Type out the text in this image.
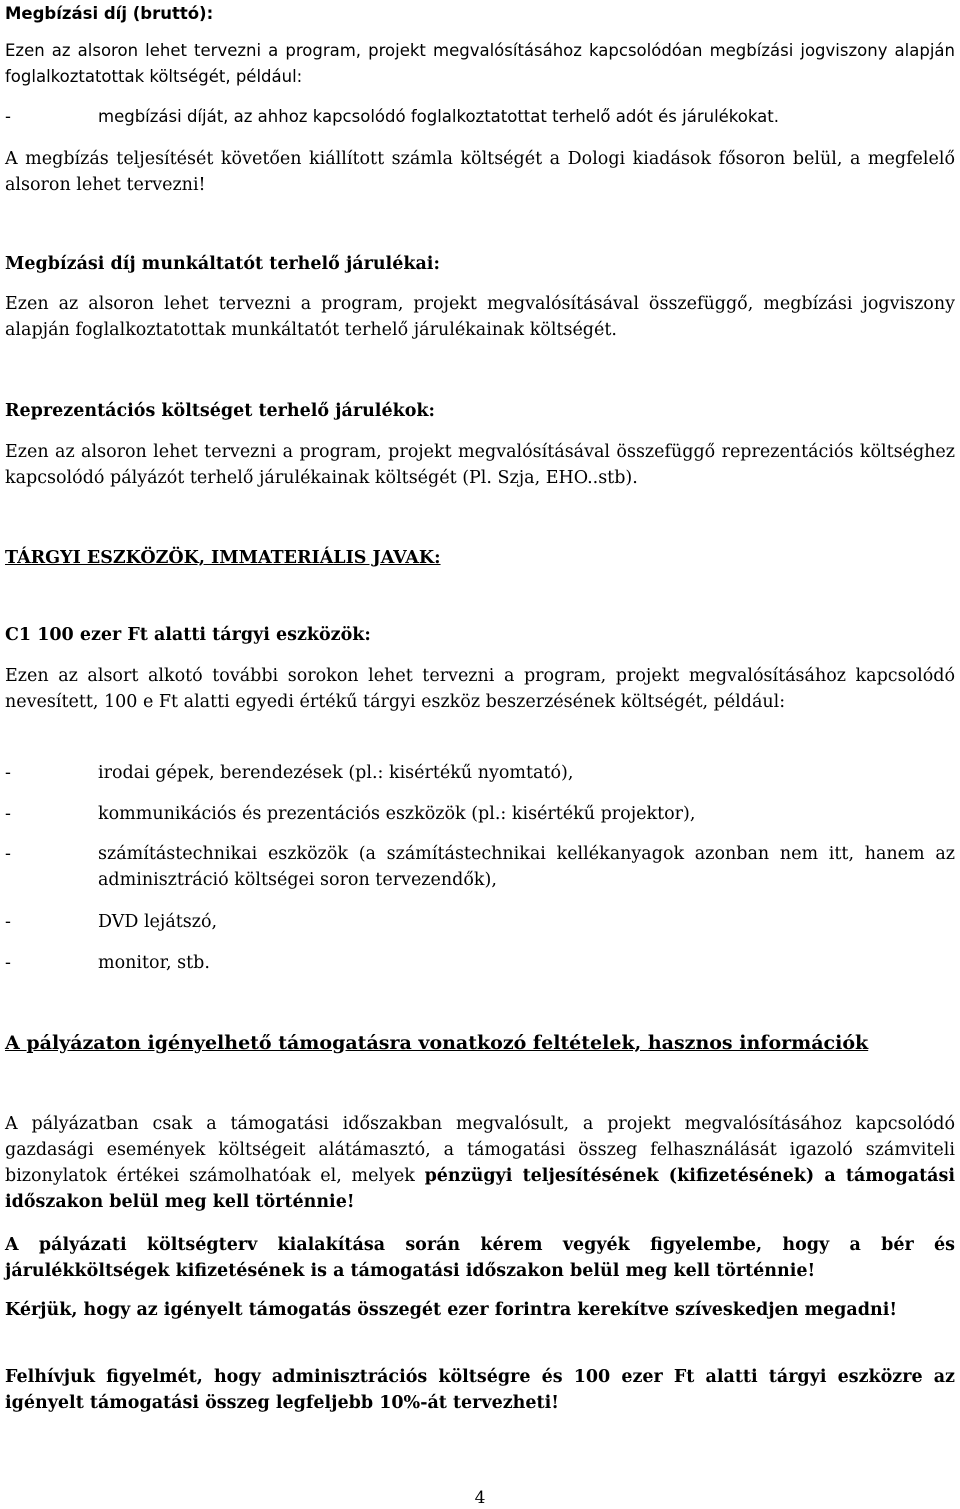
Megbízási díj (bruttó):
Ezen az alsoron lehet tervezni a program, projekt megvalósításához kapcsolódóan megbízási jogviszony alapján foglalkoztatottak költségét, például:
-	megbízási díját, az ahhoz kapcsolódó foglalkoztatottat terhelő adót és járulékokat.
A megbízás teljesítését követően kiállított számla költségét a Dologi kiadások fősoron belül, a megfelelő alsoron lehet tervezni!
Megbízási díj munkáltatót terhelő járulékai:
Ezen az alsoron lehet tervezni a program, projekt megvalósításával összefüggő, megbízási jogviszony alapján foglalkoztatottak munkáltatót terhelő járulékainak költségét.
Reprezentációs költséget terhelő járulékok:
Ezen az alsoron lehet tervezni a program, projekt megvalósításával összefüggő reprezentációs költséghez kapcsolódó pályázót terhelő járulékainak költségét (Pl. Szja, EHO..stb).
TÁRGYI ESZKÖZÖK, IMMATERIÁLIS JAVAK:
C1 100 ezer Ft alatti tárgyi eszközök:
Ezen az alsort alkotó további sorokon lehet tervezni a program, projekt megvalósításához kapcsolódó nevesített, 100 e Ft alatti egyedi értékű tárgyi eszköz beszerzésének költségét, például:
-	irodai gépek, berendezések (pl.: kisértékű nyomtató),
-	kommunikációs és prezentációs eszközök (pl.: kisértékű projektor),
-	számítástechnikai eszközök (a számítástechnikai kellékanyagok azonban nem itt, hanem az adminisztráció költségei soron tervezendők),
-	DVD lejátszó,
-	monitor, stb.
A pályázaton igényelhető támogatásra vonatkozó feltételek, hasznos információk
A pályázatban csak a támogatási időszakban megvalósult, a projekt megvalósításához kapcsolódó gazdasági események költségeit alátámasztó, a támogatási összeg felhasználását igazoló számviteli bizonylatok értékei számolhatóak el, melyek pénzügyi teljesítésének (kifizetésének) a támogatási időszakon belül meg kell történnie!
A pályázati költségterv kialakítása során kérem vegyék figyelembe, hogy a bér és járulékköltségek kifizetésének is a támogatási időszakon belül meg kell történnie!
Kérjük, hogy az igényelt támogatás összegét ezer forintra kerekítve szíveskedjen megadni!
Felhívjuk figyelmét, hogy adminisztrációs költségre és 100 ezer Ft alatti tárgyi eszközre az igényelt támogatási összeg legfeljebb 10%-át tervezheti!
4
